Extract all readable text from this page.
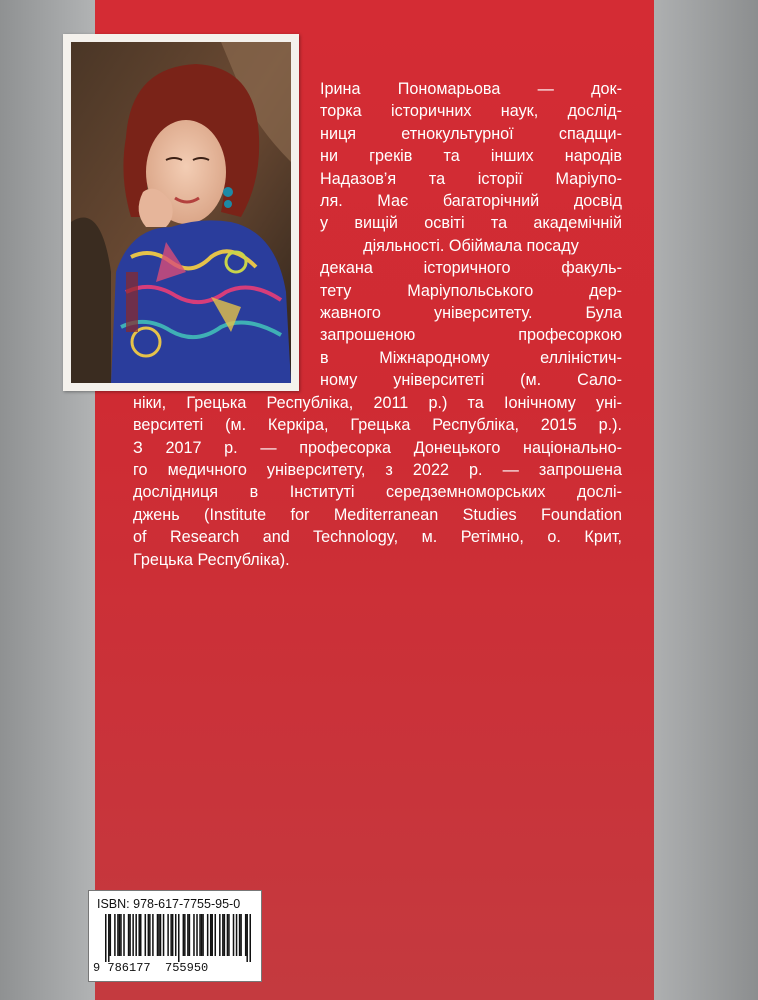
Ірина Пономарьова — док-
торка історичних наук, дослід-
ниця етнокультурної спадщи-
ни греків та інших народів
Надазов’я та історії Маріупо-
ля. Має багаторічний досвід
у вищій освіті та академічній
діяльності. Обіймала посаду
декана історичного факуль-
тету Маріупольського дер-
жавного університету. Була
запрошеною професоркою
в Міжнародному елліністич-
ному університеті (м. Сало-
ніки, Грецька Республіка, 2011 р.) та Іонічному уні-
верситеті (м. Керкіра, Грецька Республіка, 2015 р.).
З 2017 р. — професорка Донецького національно-
го медичного університету, з 2022 р. — запрошена
дослідниця в Інституті середземноморських дослі-
джень (Institute for Mediterranean Studies Foundation
of Research and Technology, м. Ретімно, о. Крит,
Грецька Республіка).
ISBN: 978-617-7755-95-0
9 786177  755950
